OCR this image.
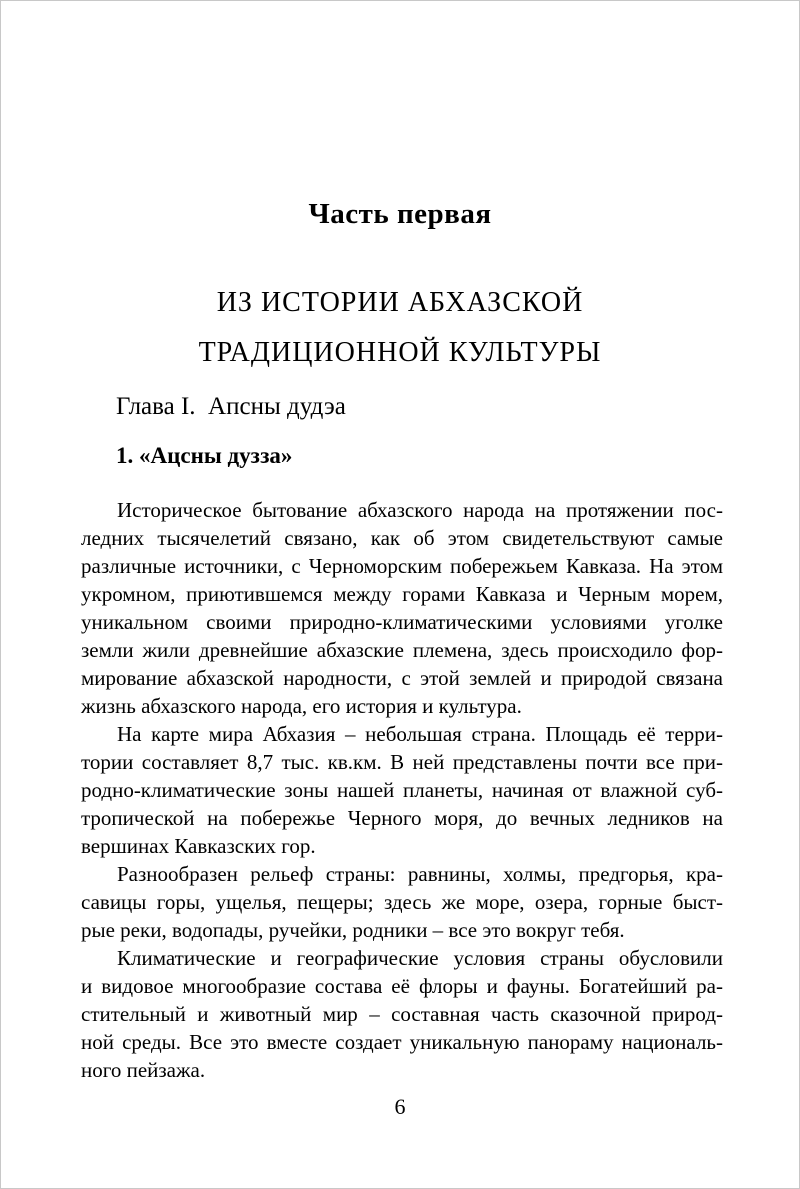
Часть первая
ИЗ ИСТОРИИ АБХАЗСКОЙ
ТРАДИЦИОННОЙ КУЛЬТУРЫ
Глава I.  Апсны дудэа
1. «Ацсны дузза»
Историческое бытование абхазского народа на протяжении пос-
ледних тысячелетий связано, как об этом свидетельствуют самые
различные источники, с Черноморским побережьем Кавказа. На этом
укромном, приютившемся между горами Кавказа и Черным морем,
уникальном своими природно-климатическими условиями уголке
земли жили древнейшие абхазские племена, здесь происходило фор-
мирование абхазской народности, с этой землей и природой связана
жизнь абхазского народа, его история и культура.
На карте мира Абхазия – небольшая страна. Площадь её терри-
тории составляет 8,7 тыс. кв.км. В ней представлены почти все при-
родно-климатические зоны нашей планеты, начиная от влажной суб-
тропической на побережье Черного моря, до вечных ледников на
вершинах Кавказских гор.
Разнообразен рельеф страны: равнины, холмы, предгорья, кра-
савицы горы, ущелья, пещеры; здесь же море, озера, горные быст-
рые реки, водопады, ручейки, родники – все это вокруг тебя.
Климатические и географические условия страны обусловили
и видовое многообразие состава её флоры и фауны. Богатейший ра-
стительный и животный мир – составная часть сказочной природ-
ной среды. Все это вместе создает уникальную панораму националь-
ного пейзажа.
6
